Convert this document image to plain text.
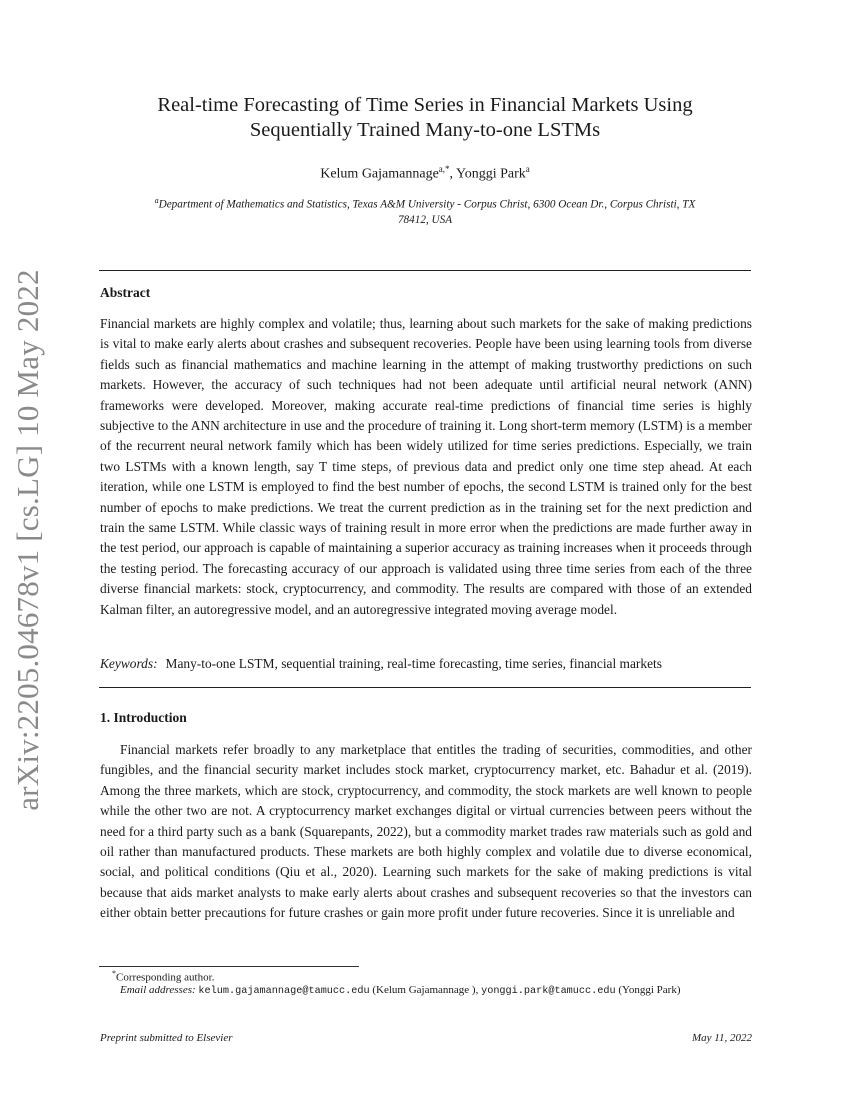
arXiv:2205.04678v1 [cs.LG] 10 May 2022
Real-time Forecasting of Time Series in Financial Markets Using
Sequentially Trained Many-to-one LSTMs
Kelum Gajamannage$^{a,*}$, Yonggi Park$^a$
$^a$Department of Mathematics and Statistics, Texas A&M University - Corpus Christ, 6300 Ocean Dr., Corpus Christi, TX
78412, USA
Abstract
Financial markets are highly complex and volatile; thus, learning about such markets for the sake of making predictions is vital to make early alerts about crashes and subsequent recoveries. People have been using learning tools from diverse fields such as financial mathematics and machine learning in the attempt of making trustworthy predictions on such markets. However, the accuracy of such techniques had not been adequate until artificial neural network (ANN) frameworks were developed. Moreover, making accurate real-time predictions of financial time series is highly subjective to the ANN architecture in use and the procedure of training it. Long short-term memory (LSTM) is a member of the recurrent neural network family which has been widely utilized for time series predictions. Especially, we train two LSTMs with a known length, say T time steps, of previous data and predict only one time step ahead. At each iteration, while one LSTM is employed to find the best number of epochs, the second LSTM is trained only for the best number of epochs to make predictions. We treat the current prediction as in the training set for the next prediction and train the same LSTM. While classic ways of training result in more error when the predictions are made further away in the test period, our approach is capable of maintaining a superior accuracy as training increases when it proceeds through the testing period. The forecasting accuracy of our approach is validated using three time series from each of the three diverse financial markets: stock, cryptocurrency, and commodity. The results are compared with those of an extended Kalman filter, an autoregressive model, and an autoregressive integrated moving average model.
Keywords: Many-to-one LSTM, sequential training, real-time forecasting, time series, financial markets
1. Introduction
Financial markets refer broadly to any marketplace that entitles the trading of securities, commodities, and other fungibles, and the financial security market includes stock market, cryptocurrency market, etc. Bahadur et al. (2019). Among the three markets, which are stock, cryptocurrency, and commodity, the stock markets are well known to people while the other two are not. A cryptocurrency market exchanges digital or virtual currencies between peers without the need for a third party such as a bank (Squarepants, 2022), but a commodity market trades raw materials such as gold and oil rather than manufactured products. These markets are both highly complex and volatile due to diverse economical, social, and political conditions (Qiu et al., 2020). Learning such markets for the sake of making predictions is vital because that aids market analysts to make early alerts about crashes and subsequent recoveries so that the investors can either obtain better precautions for future crashes or gain more profit under future recoveries. Since it is unreliable and
*Corresponding author.
Email addresses: kelum.gajamannage@tamucc.edu (Kelum Gajamannage ), yonggi.park@tamucc.edu (Yonggi Park)
Preprint submitted to Elsevier	May 11, 2022
